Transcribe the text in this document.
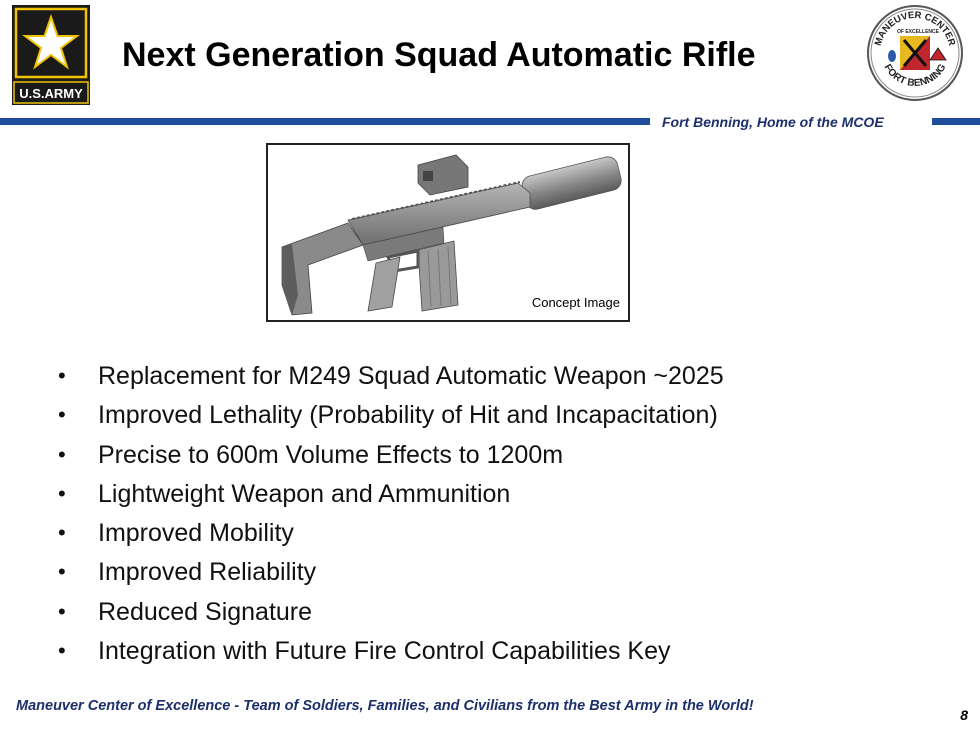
U.S.ARMY
Next Generation Squad Automatic Rifle	MANEUVER CENTER
FORT BENNING
OF EXCELLENCE
Fort Benning, Home of the MCOE
Concept Image
• Replacement for M249 Squad Automatic Weapon ~2025
• Improved Lethality (Probability of Hit and Incapacitation)
• Precise to 600m Volume Effects to 1200m
• Lightweight Weapon and Ammunition
• Improved Mobility
• Improved Reliability
• Reduced Signature
• Integration with Future Fire Control Capabilities Key
Maneuver Center of Excellence - Team of Soldiers, Families, and Civilians from the Best Army in the World!
8
